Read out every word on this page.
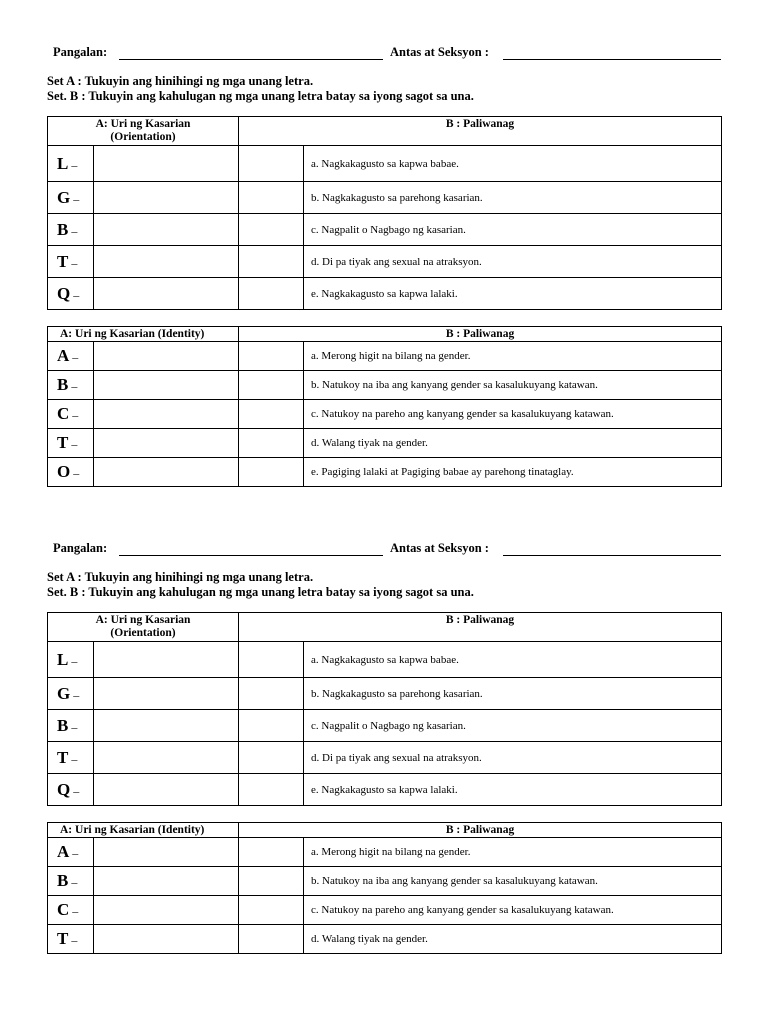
Pangalan:	Antas at Seksyon :
Set A : Tukuyin ang hinihingi ng mga unang letra.
Set. B : Tukuyin ang kahulugan ng mga unang letra batay sa iyong sagot sa una.
A: Uri ng Kasarian
(Orientation)		B : Paliwanag	
L –			a. Nagkakagusto sa kapwa babae.
G –			b. Nagkakagusto sa parehong kasarian.
B –			c. Nagpalit o Nagbago ng kasarian.
T –			d. Di pa tiyak ang sexual na atraksyon.
Q –			e. Nagkakagusto sa kapwa lalaki.
A: Uri ng Kasarian (Identity)		B : Paliwanag	
A –			a. Merong higit na bilang na gender.
B –			b. Natukoy na iba ang kanyang gender sa kasalukuyang katawan.
C –			c. Natukoy na pareho ang kanyang gender sa kasalukuyang katawan.
T –			d. Walang tiyak na gender.
O –			e. Pagiging lalaki at Pagiging babae ay parehong tinataglay.
Pangalan:	Antas at Seksyon :
Set A : Tukuyin ang hinihingi ng mga unang letra.
Set. B : Tukuyin ang kahulugan ng mga unang letra batay sa iyong sagot sa una.
A: Uri ng Kasarian
(Orientation)		B : Paliwanag	
L –			a. Nagkakagusto sa kapwa babae.
G –			b. Nagkakagusto sa parehong kasarian.
B –			c. Nagpalit o Nagbago ng kasarian.
T –			d. Di pa tiyak ang sexual na atraksyon.
Q –			e. Nagkakagusto sa kapwa lalaki.
A: Uri ng Kasarian (Identity)		B : Paliwanag	
A –			a. Merong higit na bilang na gender.
B –			b. Natukoy na iba ang kanyang gender sa kasalukuyang katawan.
C –			c. Natukoy na pareho ang kanyang gender sa kasalukuyang katawan.
T –			d. Walang tiyak na gender.
